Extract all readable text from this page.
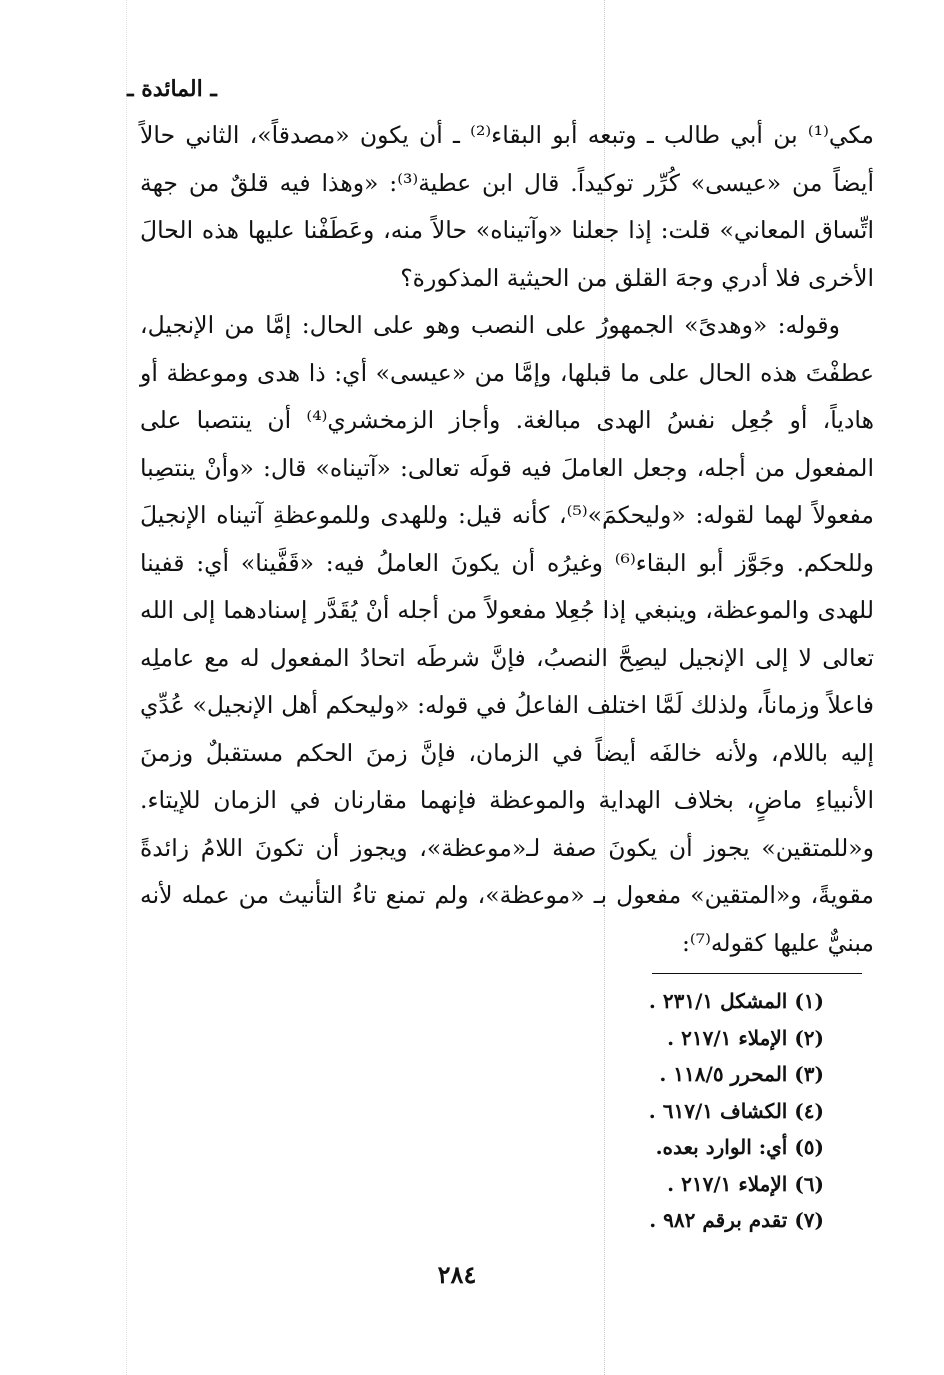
ـ المائدة ـ

مكي⁽¹⁾ بن أبي طالب ـ وتبعه أبو البقاء⁽²⁾ ـ أن يكون «مصدقاً»، الثاني حالاً أيضاً من «عيسى» كُرِّر توكيداً. قال ابن عطية⁽³⁾: «وهذا فيه قلقٌ من جهة اتِّساق المعاني» قلت: إذا جعلنا «وآتيناه» حالاً منه، وعَطَفْنا عليها هذه الحالَ الأخرى فلا أدري وجهَ القلق من الحيثية المذكورة؟

وقوله: «وهدىً» الجمهورُ على النصب وهو على الحال: إمَّا من الإنجيل، عطفْتَ هذه الحال على ما قبلها، وإمَّا من «عيسى» أي: ذا هدى وموعظة أو هادياً، أو جُعِل نفسُ الهدى مبالغة. وأجاز الزمخشري⁽⁴⁾ أن ينتصبا على المفعول من أجله، وجعل العاملَ فيه قولَه تعالى: «آتيناه» قال: «وأنْ ينتصِبا مفعولاً لهما لقوله: «وليحكمَ»⁽⁵⁾، كأنه قيل: وللهدى وللموعظةِ آتيناه الإنجيلَ وللحكم. وجَوَّز أبو البقاء⁽⁶⁾ وغيرُه أن يكونَ العاملُ فيه: «قَفَّينا» أي: قفينا للهدى والموعظة، وينبغي إذا جُعِلا مفعولاً من أجله أنْ يُقَدَّر إسنادهما إلى الله تعالى لا إلى الإنجيل ليصِحَّ النصبُ، فإنَّ شرطَه اتحادُ المفعول له مع عاملِه فاعلاً وزماناً، ولذلك لَمَّا اختلف الفاعلُ في قوله: «وليحكم أهل الإنجيل» عُدِّي إليه باللام، ولأنه خالفَه أيضاً في الزمان، فإنَّ زمنَ الحكم مستقبلٌ وزمنَ الأنبياءِ ماضٍ، بخلاف الهداية والموعظة فإنهما مقارنان في الزمان للإيتاء. و«للمتقين» يجوز أن يكونَ صفة لـ«موعظة»، ويجوز أن تكونَ اللامُ زائدةً مقويةً، و«المتقين» مفعول بـ «موعظة»، ولم تمنع تاءُ التأنيث من عمله لأنه مبنيٌّ عليها كقوله⁽⁷⁾:

(١) المشكل ٢٣١/١ .
(٢) الإملاء ٢١٧/١ .
(٣) المحرر ١١٨/٥ .
(٤) الكشاف ٦١٧/١ .
(٥) أي: الوارد بعده.
(٦) الإملاء ٢١٧/١ .
(٧) تقدم برقم ٩٨٢ .
٢٨٤
